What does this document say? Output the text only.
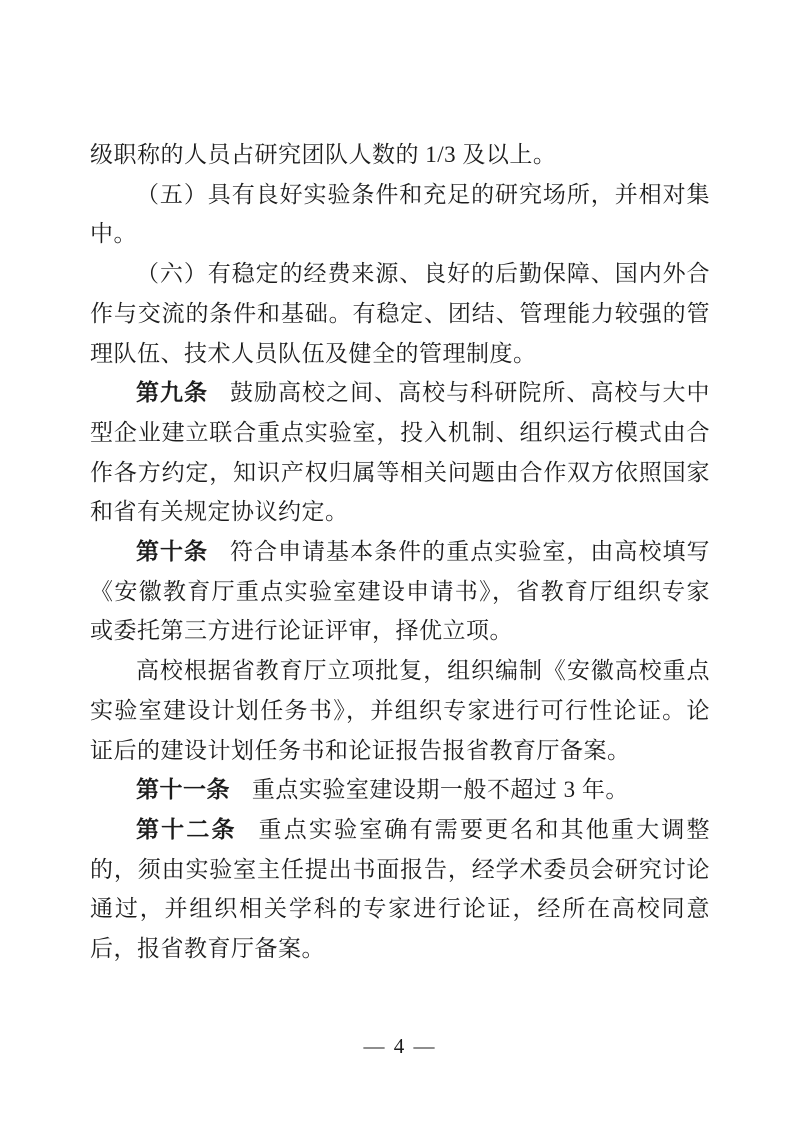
级职称的人员占研究团队人数的 1/3 及以上。

（五）具有良好实验条件和充足的研究场所，并相对集中。

（六）有稳定的经费来源、良好的后勤保障、国内外合作与交流的条件和基础。有稳定、团结、管理能力较强的管理队伍、技术人员队伍及健全的管理制度。

第九条 鼓励高校之间、高校与科研院所、高校与大中型企业建立联合重点实验室，投入机制、组织运行模式由合作各方约定，知识产权归属等相关问题由合作双方依照国家和省有关规定协议约定。

第十条 符合申请基本条件的重点实验室，由高校填写《安徽教育厅重点实验室建设申请书》，省教育厅组织专家或委托第三方进行论证评审，择优立项。

高校根据省教育厅立项批复，组织编制《安徽高校重点实验室建设计划任务书》，并组织专家进行可行性论证。论证后的建设计划任务书和论证报告报省教育厅备案。

第十一条 重点实验室建设期一般不超过 3 年。

第十二条 重点实验室确有需要更名和其他重大调整的，须由实验室主任提出书面报告，经学术委员会研究讨论通过，并组织相关学科的专家进行论证，经所在高校同意后，报省教育厅备案。

— 4 —
